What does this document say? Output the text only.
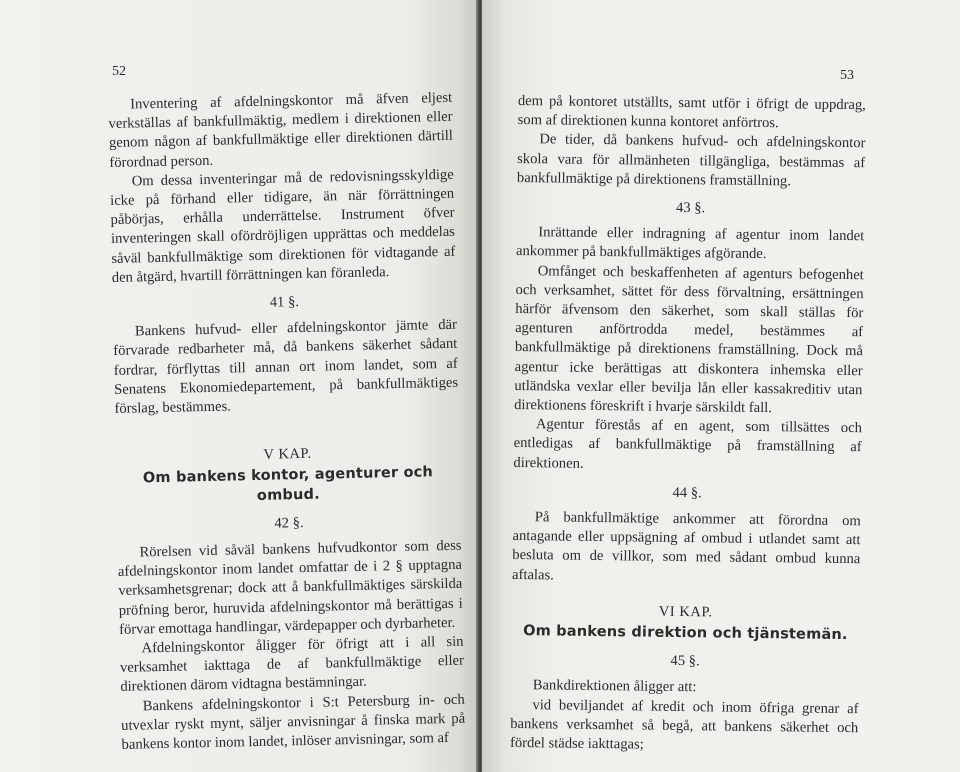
52

Inventering af afdelningskontor må äfven eljest verkställas af bankfullmäktig, medlem i direktionen eller genom någon af bankfullmäktige eller direktionen därtill förordnad person.

Om dessa inventeringar må de redovisningsskyldige icke på förhand eller tidigare, än när förrättningen påbörjas, erhålla underrättelse. Instrument öfver inventeringen skall ofördröjligen upprättas och meddelas såväl bankfullmäktige som direktionen för vidtagande af den åtgärd, hvartill förrättningen kan föranleda.

41 §.

Bankens hufvud- eller afdelningskontor jämte där förvarade redbarheter må, då bankens säkerhet sådant fordrar, förflyttas till annan ort inom landet, som af Senatens Ekonomiedepartement, på bankfullmäktiges förslag, bestämmes.

V KAP.

Om bankens kontor, agenturer och ombud.

42 §.

Rörelsen vid såväl bankens hufvudkontor som dess afdelningskontor inom landet omfattar de i 2 § upptagna verksamhetsgrenar; dock att å bankfullmäktiges särskilda pröfning beror, huruvida afdelningskontor må berättigas i förvar emottaga handlingar, värdepapper och dyrbarheter.

Afdelningskontor åligger för öfrigt att i all sin verksamhet iakttaga de af bankfullmäktige eller direktionen därom vidtagna bestämningar.

Bankens afdelningskontor i S:t Petersburg in- och utvexlar ryskt mynt, säljer anvisningar å finska mark på bankens kontor inom landet, inlöser anvisningar, som af

53

dem på kontoret utställts, samt utför i öfrigt de uppdrag, som af direktionen kunna kontoret anförtros.

De tider, då bankens hufvud- och afdelningskontor skola vara för allmänheten tillgängliga, bestämmas af bankfullmäktige på direktionens framställning.

43 §.

Inrättande eller indragning af agentur inom landet ankommer på bankfullmäktiges afgörande.

Omfånget och beskaffenheten af agenturs befogenhet och verksamhet, sättet för dess förvaltning, ersättningen härför äfvensom den säkerhet, som skall ställas för agenturen anförtrodda medel, bestämmes af bankfullmäktige på direktionens framställning. Dock må agentur icke berättigas att diskontera inhemska eller utländska vexlar eller bevilja lån eller kassakreditiv utan direktionens föreskrift i hvarje särskildt fall.

Agentur förestås af en agent, som tillsättes och entledigas af bankfullmäktige på framställning af direktionen.

44 §.

På bankfullmäktige ankommer att förordna om antagande eller uppsägning af ombud i utlandet samt att besluta om de villkor, som med sådant ombud kunna aftalas.

VI KAP.

Om bankens direktion och tjänstemän.

45 §.

Bankdirektionen åligger att:

vid beviljandet af kredit och inom öfriga grenar af bankens verksamhet så begå, att bankens säkerhet och fördel städse iakttagas;
